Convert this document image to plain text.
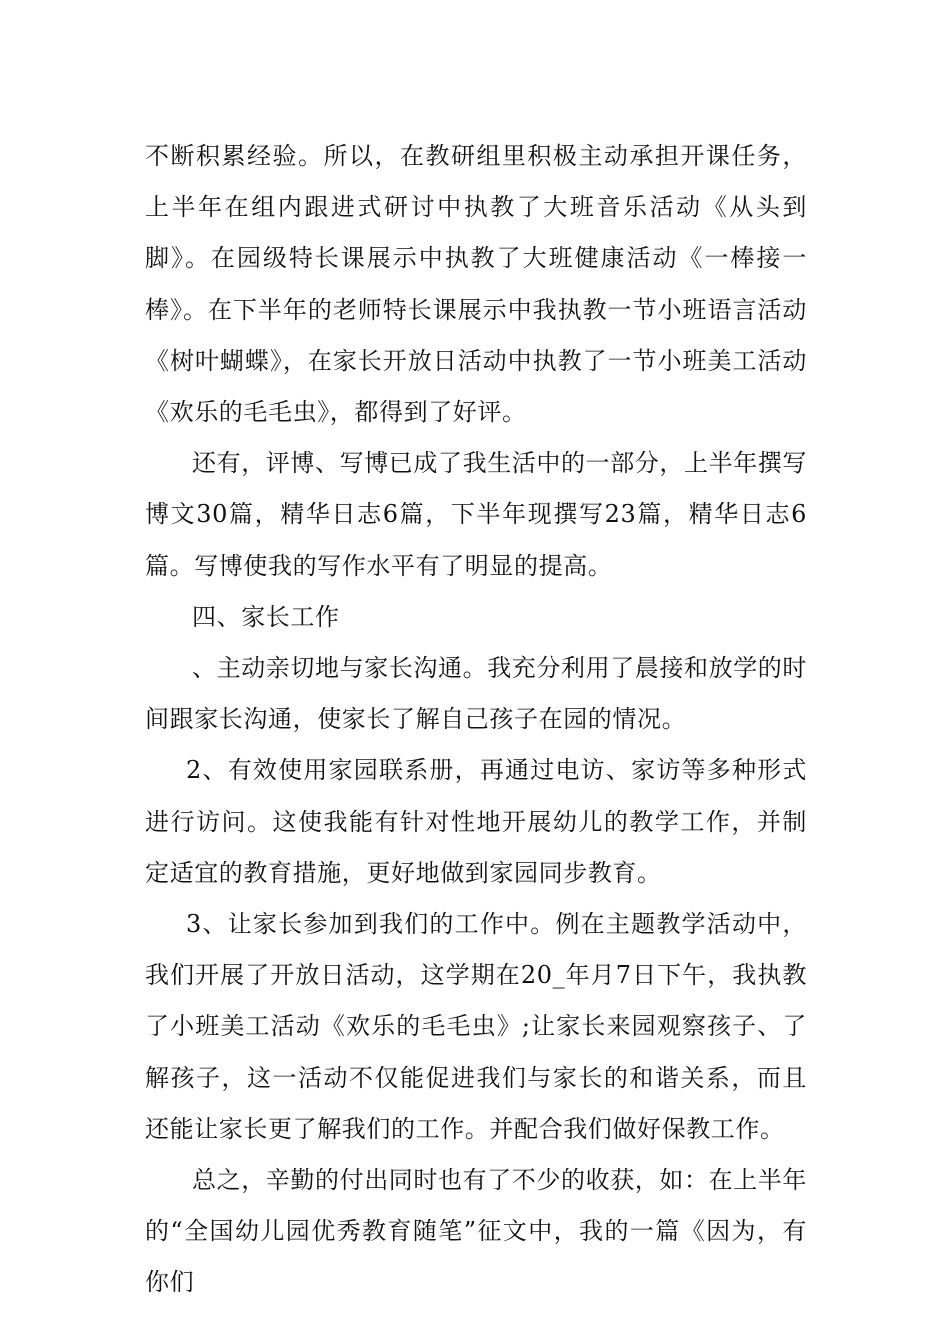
不断积累经验。所以，在教研组里积极主动承担开课任务，上半年在组内跟进式研讨中执教了大班音乐活动《从头到脚》。在园级特长课展示中执教了大班健康活动《一棒接一棒》。在下半年的老师特长课展示中我执教一节小班语言活动《树叶蝴蝶》，在家长开放日活动中执教了一节小班美工活动《欢乐的毛毛虫》，都得到了好评。

还有，评博、写博已成了我生活中的一部分，上半年撰写博文30篇，精华日志6篇，下半年现撰写23篇，精华日志6篇。写博使我的写作水平有了明显的提高。

四、家长工作

、主动亲切地与家长沟通。我充分利用了晨接和放学的时间跟家长沟通，使家长了解自己孩子在园的情况。

2、有效使用家园联系册，再通过电访、家访等多种形式进行访问。这使我能有针对性地开展幼儿的教学工作，并制定适宜的教育措施，更好地做到家园同步教育。

3、让家长参加到我们的工作中。例在主题教学活动中，我们开展了开放日活动，这学期在20_年月7日下午，我执教了小班美工活动《欢乐的毛毛虫》;让家长来园观察孩子、了解孩子，这一活动不仅能促进我们与家长的和谐关系，而且还能让家长更了解我们的工作。并配合我们做好保教工作。

总之，辛勤的付出同时也有了不少的收获，如：在上半年的“全国幼儿园优秀教育随笔”征文中，我的一篇《因为，有你们
